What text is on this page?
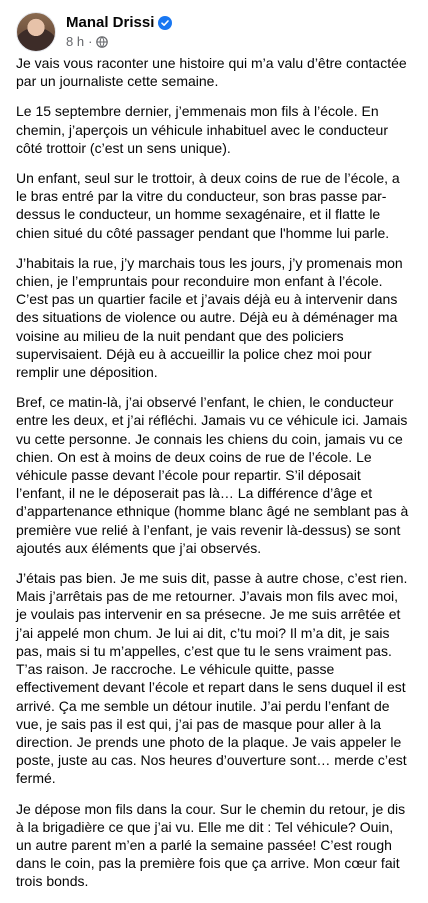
Manal Drissi
8 h ·

Je vais vous raconter une histoire qui m’a valu d’être contactée par un journaliste cette semaine.

Le 15 septembre dernier, j’emmenais mon fils à l’école. En chemin, j’aperçois un véhicule inhabituel avec le conducteur côté trottoir (c’est un sens unique).

Un enfant, seul sur le trottoir, à deux coins de rue de l’école, a le bras entré par la vitre du conducteur, son bras passe par-dessus le conducteur, un homme sexagénaire, et il flatte le chien situé du côté passager pendant que l'homme lui parle.

J’habitais la rue, j’y marchais tous les jours, j’y promenais mon chien, je l’empruntais pour reconduire mon enfant à l’école. C’est pas un quartier facile et j’avais déjà eu à intervenir dans des situations de violence ou autre. Déjà eu à déménager ma voisine au milieu de la nuit pendant que des policiers supervisaient. Déjà eu à accueillir la police chez moi pour remplir une déposition.

Bref, ce matin-là, j’ai observé l’enfant, le chien, le conducteur entre les deux, et j’ai réfléchi. Jamais vu ce véhicule ici. Jamais vu cette personne. Je connais les chiens du coin, jamais vu ce chien. On est à moins de deux coins de rue de l’école. Le véhicule passe devant l’école pour repartir. S’il déposait l’enfant, il ne le déposerait pas là… La différence d’âge et d’appartenance ethnique (homme blanc âgé ne semblant pas à première vue relié à l’enfant, je vais revenir là-dessus) se sont ajoutés aux éléments que j’ai observés.

J’étais pas bien. Je me suis dit, passe à autre chose, c’est rien. Mais j’arrêtais pas de me retourner. J’avais mon fils avec moi, je voulais pas intervenir en sa présecne. Je me suis arrêtée et j’ai appelé mon chum. Je lui ai dit, c’tu moi? Il m’a dit, je sais pas, mais si tu m’appelles, c’est que tu le sens vraiment pas. T’as raison. Je raccroche. Le véhicule quitte, passe effectivement devant l’école et repart dans le sens duquel il est arrivé. Ça me semble un détour inutile. J’ai perdu l’enfant de vue, je sais pas il est qui, j’ai pas de masque pour aller à la direction. Je prends une photo de la plaque. Je vais appeler le poste, juste au cas. Nos heures d’ouverture sont… merde c’est fermé.

Je dépose mon fils dans la cour. Sur le chemin du retour, je dis à la brigadière ce que j’ai vu. Elle me dit : Tel véhicule? Ouin, un autre parent m’en a parlé la semaine passée! C’est rough dans le coin, pas la première fois que ça arrive. Mon cœur fait trois bonds.
